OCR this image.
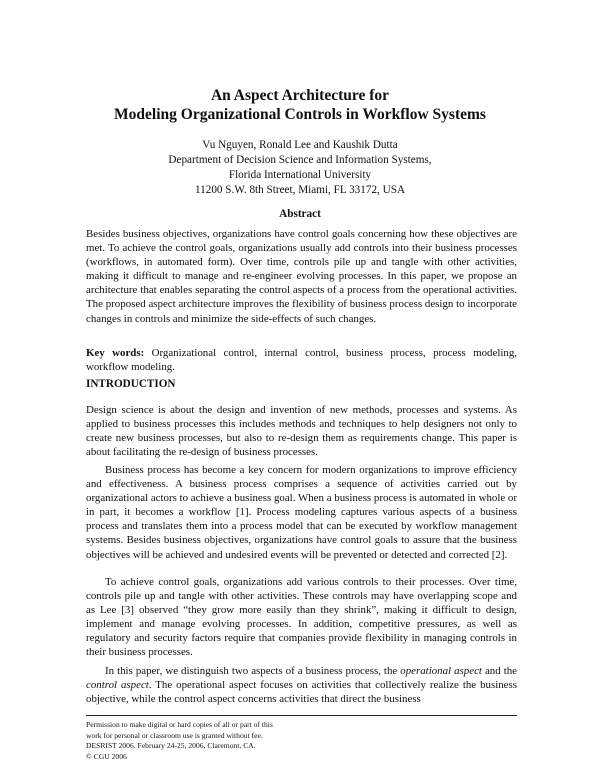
An Aspect Architecture for
Modeling Organizational Controls in Workflow Systems
Vu Nguyen, Ronald Lee and Kaushik Dutta
Department of Decision Science and Information Systems,
Florida International University
11200 S.W. 8th Street, Miami, FL 33172, USA
Abstract

Besides business objectives, organizations have control goals concerning how these objectives are met. To achieve the control goals, organizations usually add controls into their business processes (workflows, in automated form). Over time, controls pile up and tangle with other activities, making it difficult to manage and re-engineer evolving processes. In this paper, we propose an architecture that enables separating the control aspects of a process from the operational activities. The proposed aspect architecture improves the flexibility of business process design to incorporate changes in controls and minimize the side-effects of such changes.

Key words: Organizational control, internal control, business process, process modeling, workflow modeling.

INTRODUCTION

Design science is about the design and invention of new methods, processes and systems. As applied to business processes this includes methods and techniques to help designers not only to create new business processes, but also to re-design them as requirements change. This paper is about facilitating the re-design of business processes.

Business process has become a key concern for modern organizations to improve efficiency and effectiveness. A business process comprises a sequence of activities carried out by organizational actors to achieve a business goal. When a business process is automated in whole or in part, it becomes a workflow [1]. Process modeling captures various aspects of a business process and translates them into a process model that can be executed by workflow management systems. Besides business objectives, organizations have control goals to assure that the business objectives will be achieved and undesired events will be prevented or detected and corrected [2].

To achieve control goals, organizations add various controls to their processes. Over time, controls pile up and tangle with other activities. These controls may have overlapping scope and as Lee [3] observed “they grow more easily than they shrink”, making it difficult to design, implement and manage evolving processes. In addition, competitive pressures, as well as regulatory and security factors require that companies provide flexibility in managing controls in their business processes.

In this paper, we distinguish two aspects of a business process, the operational aspect and the control aspect. The operational aspect focuses on activities that collectively realize the business objective, while the control aspect concerns activities that direct the business

Permission to make digital or hard copies of all or part of this
work for personal or classroom use is granted without fee.
DESRIST 2006. February 24-25, 2006, Claremont, CA.
© CGU 2006
